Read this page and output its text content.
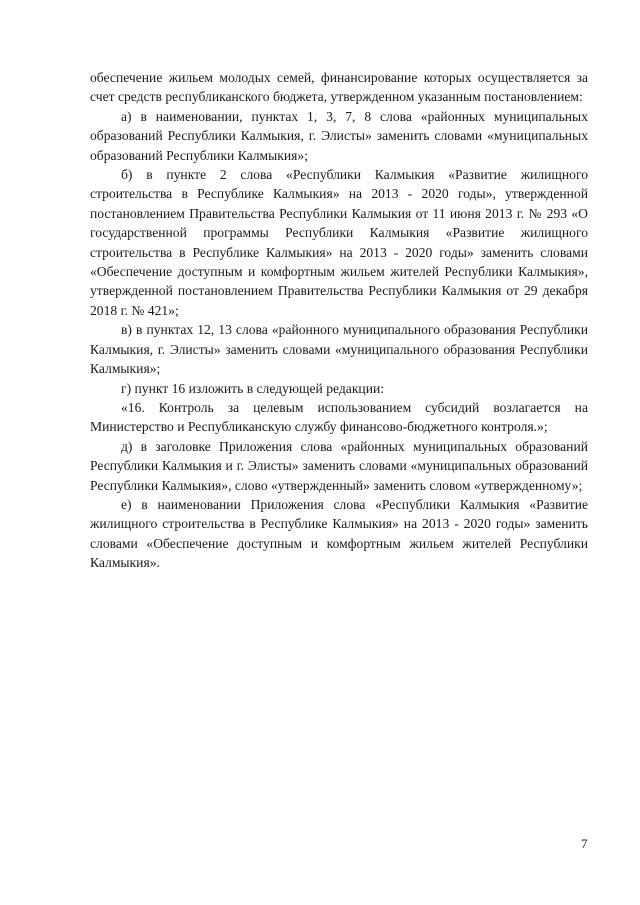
обеспечение жильем молодых семей, финансирование которых осуществляется за счет средств республиканского бюджета, утвержденном указанным постановлением:

а) в наименовании, пунктах 1, 3, 7, 8 слова «районных муниципальных образований Республики Калмыкия, г. Элисты» заменить словами «муниципальных образований Республики Калмыкия»;

б) в пункте 2 слова «Республики Калмыкия «Развитие жилищного строительства в Республике Калмыкия» на 2013 - 2020 годы», утвержденной постановлением Правительства Республики Калмыкия от 11 июня 2013 г. № 293 «О государственной программы Республики Калмыкия «Развитие жилищного строительства в Республике Калмыкия» на 2013 - 2020 годы» заменить словами «Обеспечение доступным и комфортным жильем жителей Республики Калмыкия», утвержденной постановлением Правительства Республики Калмыкия от 29 декабря 2018 г. № 421»;

в) в пунктах 12, 13 слова «районного муниципального образования Республики Калмыкия, г. Элисты» заменить словами «муниципального образования Республики Калмыкия»;

г) пункт 16 изложить в следующей редакции:

«16. Контроль за целевым использованием субсидий возлагается на Министерство и Республиканскую службу финансово-бюджетного контроля.»;

д) в заголовке Приложения слова «районных муниципальных образований Республики Калмыкия и г. Элисты» заменить словами «муниципальных образований Республики Калмыкия», слово «утвержденный» заменить словом «утвержденному»;

е) в наименовании Приложения слова «Республики Калмыкия «Развитие жилищного строительства в Республике Калмыкия» на 2013 - 2020 годы» заменить словами «Обеспечение доступным и комфортным жильем жителей Республики Калмыкия».

7
